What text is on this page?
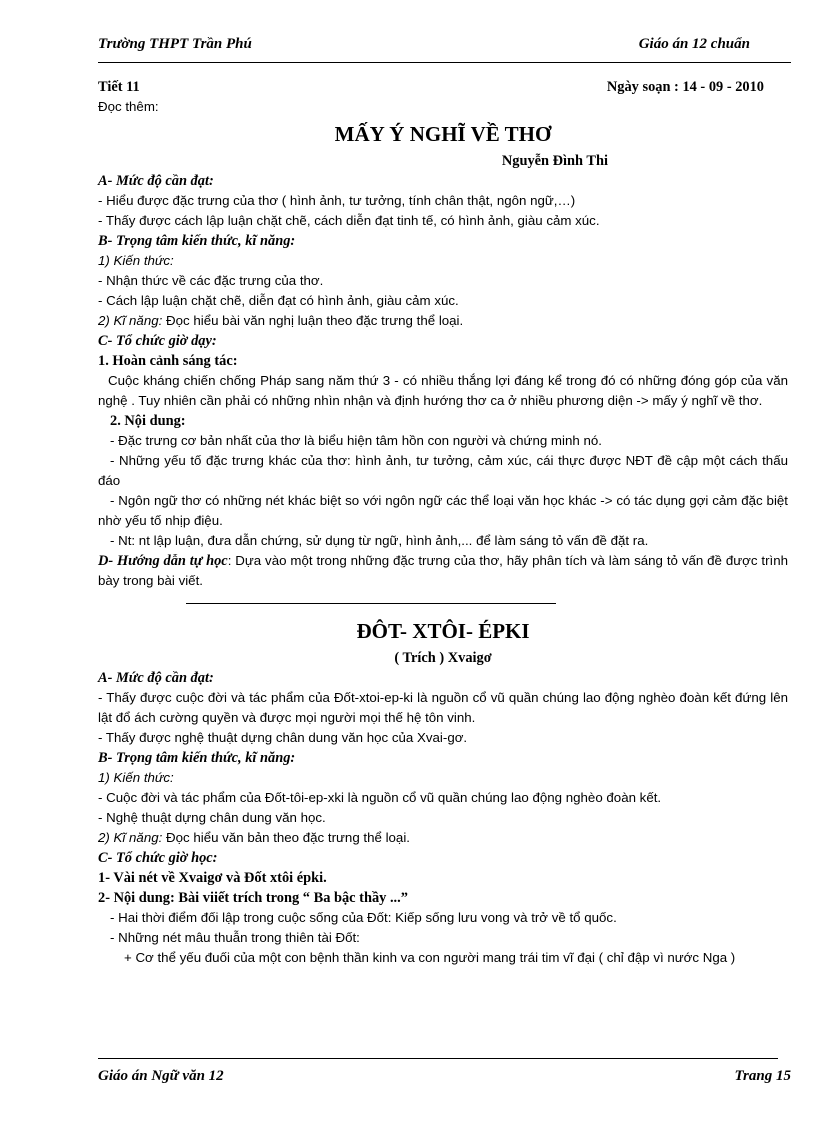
Trường THPT Trần Phú	Giáo án 12 chuẩn
Tiết 11	Ngày soạn : 14 - 09 - 2010
Đọc thêm:
MẤY Ý NGHĨ VỀ THƠ
Nguyễn Đình Thi
A- Mức độ cần đạt:
- Hiểu được đặc trưng của thơ ( hình ảnh, tư tưởng, tính chân thật, ngôn ngữ,…)
- Thấy được cách lập luận chặt chẽ, cách diễn đạt tinh tế, có hình ảnh, giàu cảm xúc.
B- Trọng tâm kiến thức, kĩ năng:
1) Kiến thức:
- Nhận thức về các đặc trưng của thơ.
- Cách lập luận chặt chẽ, diễn đạt có hình ảnh, giàu cảm xúc.
2) Kĩ năng: Đọc hiểu bài văn nghị luận theo đặc trưng thể loại.
C- Tổ chức giờ dạy:
1. Hoàn cảnh sáng tác:
Cuộc kháng chiến chống Pháp sang năm thứ 3 - có nhiều thắng lợi đáng kể trong đó có những đóng góp của văn nghệ . Tuy nhiên cần phải có những nhìn nhận và định hướng thơ ca ở nhiều phương diện -> mấy ý nghĩ về thơ.
2. Nội dung:
- Đặc trưng cơ bản nhất của thơ là biểu hiện tâm hồn con người và chứng minh nó.
- Những yếu tố đặc trưng khác của thơ: hình ảnh, tư tưởng, cảm xúc, cái thực được NĐT đề cập một cách thấu đáo
- Ngôn ngữ thơ có những nét khác biệt so với ngôn ngữ các thể loại văn học khác -> có tác dụng gợi cảm đặc biệt nhờ yếu tố nhịp điệu.
- Nt: nt lập luận, đưa dẫn chứng, sử dụng từ ngữ, hình ảnh,... để làm sáng tỏ vấn đề đặt ra.
D- Hướng dẫn tự học: Dựa vào một trong những đặc trưng của thơ, hãy phân tích và làm sáng tỏ vấn đề được trình bày trong bài viết.
ĐÔT- XTÔI- ÉPKI
( Trích ) Xvaigơ
A- Mức độ cần đạt:
- Thấy được cuộc đời và tác phẩm của Đốt-xtoi-ep-ki là nguồn cổ vũ quần chúng lao động nghèo đoàn kết đứng lên lật đổ ách cường quyền và được mọi người mọi thế hệ tôn vinh.
- Thấy được nghệ thuật dựng chân dung văn học của Xvai-gơ.
B- Trọng tâm kiến thức, kĩ năng:
1) Kiến thức:
- Cuộc đời và tác phẩm của Đốt-tôi-ep-xki là nguồn cổ vũ quần chúng lao động nghèo đoàn kết.
- Nghệ thuật dựng chân dung văn học.
2) Kĩ năng: Đọc hiểu văn bản theo đặc trưng thể loại.
C- Tổ chức giờ học:
1- Vài nét về Xvaigơ và Đốt xtôi épki.
2- Nội dung: Bài viiết trích trong “ Ba bậc thầy ...”
- Hai thời điểm đối lập trong cuộc sống của Đốt: Kiếp sống lưu vong và trở về tổ quốc.
- Những nét mâu thuẫn trong thiên tài Đốt:
+ Cơ thể yếu đuối của một con bệnh thần kinh va con người mang trái tim vĩ đại ( chỉ đập vì nước Nga )
Giáo án Ngữ văn 12	Trang 15
